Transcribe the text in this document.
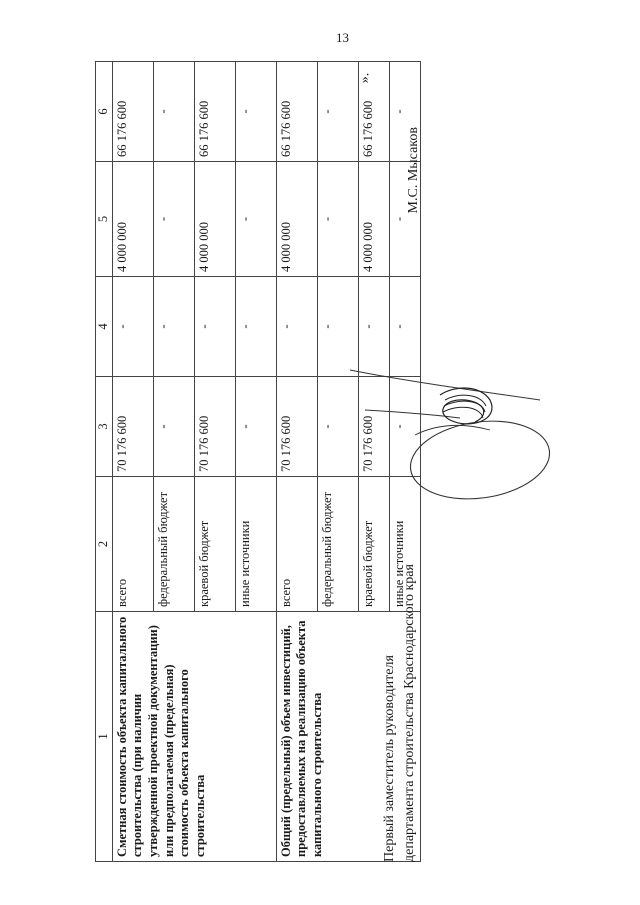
13
».
1	2	3	4	5	6
Сметная стоимость объекта капитального строительства (при наличии утвержденной проектной документации) или предполагаемая (предельная) стоимость объекта капитального строительства	всего	70 176 600	-	4 000 000	66 176 600
	федеральный бюджет	-	-	-	-
	краевой бюджет	70 176 600	-	4 000 000	66 176 600
	иные источники	-	-	-	-
Общий (предельный) объем инвестиций, предоставляемых на реализацию объекта капитального строительства	всего	70 176 600	-	4 000 000	66 176 600
	федеральный бюджет	-	-	-	-
	краевой бюджет	70 176 600	-	4 000 000	66 176 600
	иные источники	-	-	-	-
Первый заместитель руководителя департамента строительства Краснодарского края
М.С. Мысаков
